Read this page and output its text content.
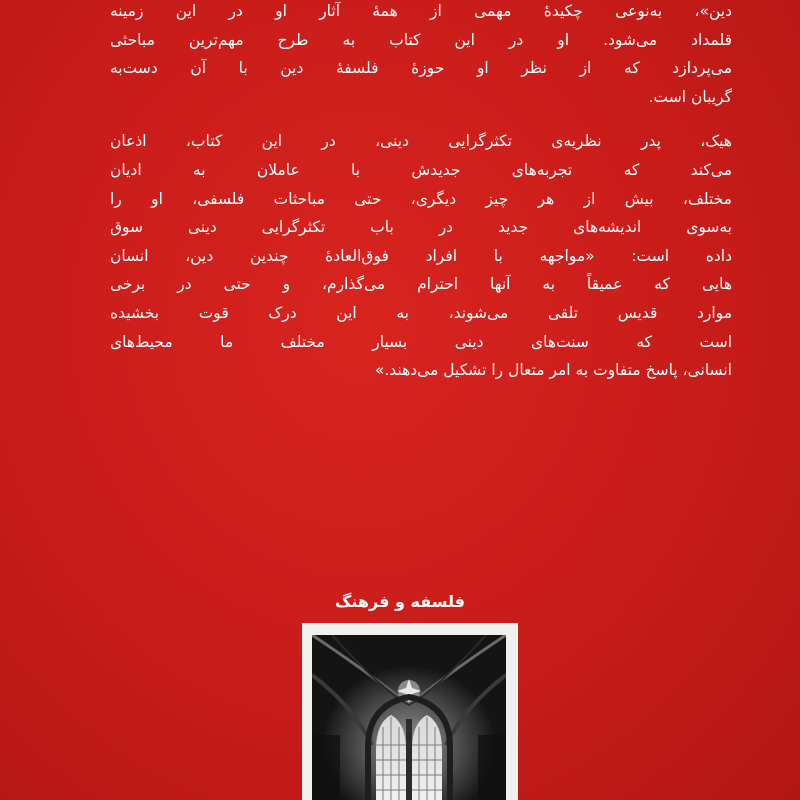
دین»، به‌نوعی چکیدهٔ مهمی از همهٔ آثار او در این زمینه
قلمداد می‌شود. او در این کتاب به طرح مهم‌ترین مباحثی
می‌پردازد که از نظر او حوزهٔ فلسفهٔ دین با آن دست‌به
گریبان است.
هیک، پدر نظریه‌ی تکثرگرایی دینی، در این کتاب، اذعان
می‌کند که تجربه‌های جدیدش با عاملان به ادیان
مختلف، بیش از هر چیز دیگری، حتی مباحثات فلسفی، او را
به‌سوی اندیشه‌های جدید در باب تکثرگرایی دینی سوق
داده است: «مواجهه با افراد فوق‌العادهٔ چندین دین، انسان
هایی که عمیقاً به آنها احترام می‌گذارم، و حتی در برخی
موارد قدیس تلقی می‌شوند، به این درک قوت بخشیده
است که سنت‌های دینی بسیار مختلف ما محیط‌های
انسانی، پاسخ متفاوت به امر متعال را تشکیل می‌دهند.»
فلسفه و فرهنگ
